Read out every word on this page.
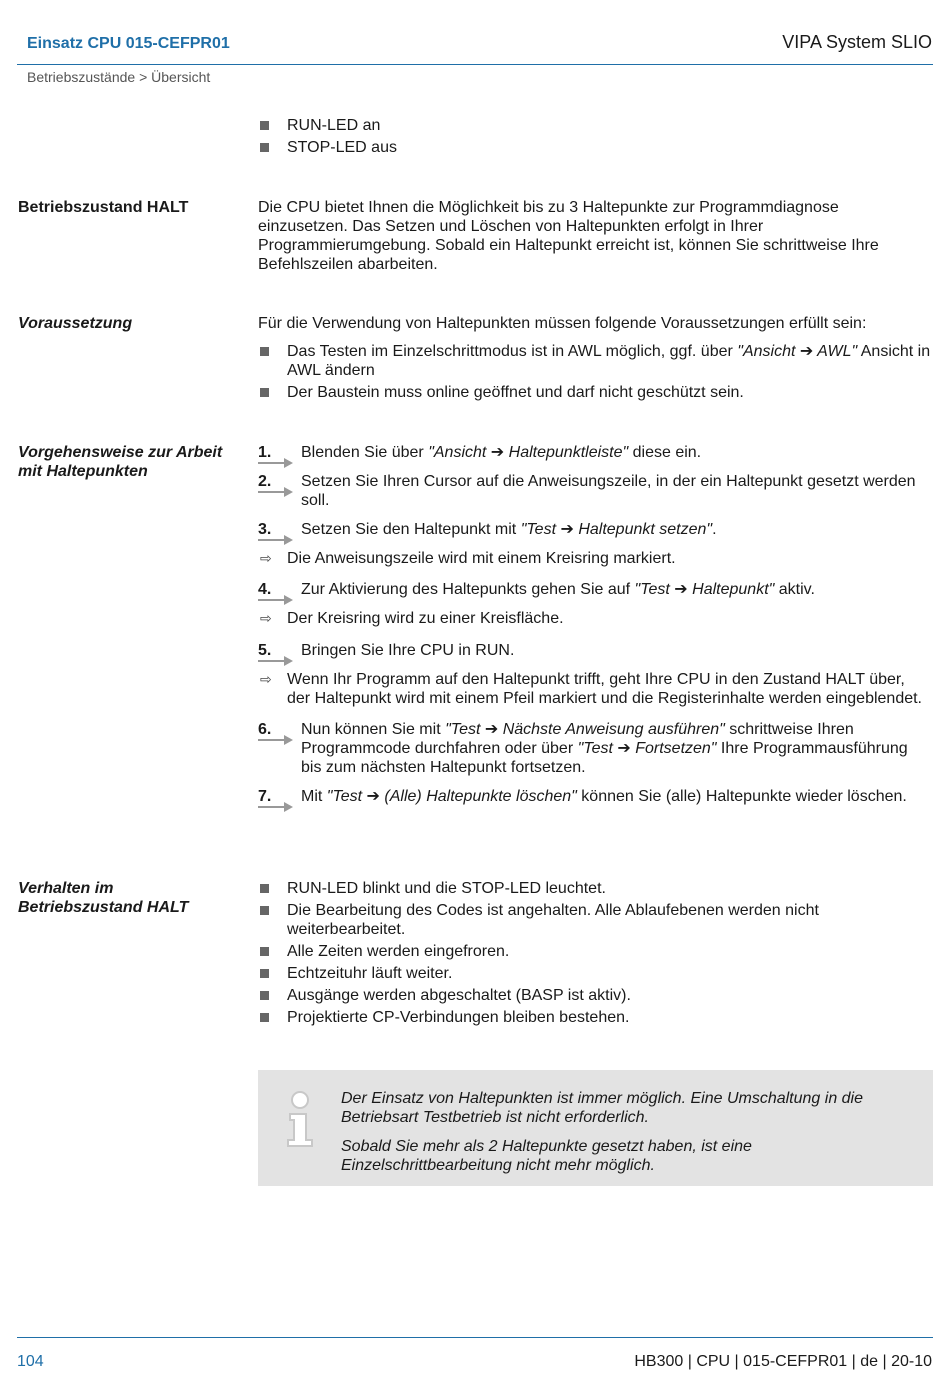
Einsatz CPU 015-CEFPR01	VIPA System SLIO
Betriebszustände > Übersicht
RUN-LED an
STOP-LED aus
Betriebszustand HALT	Die CPU bietet Ihnen die Möglichkeit bis zu 3 Haltepunkte zur Programmdiagnose einzusetzen. Das Setzen und Löschen von Haltepunkten erfolgt in Ihrer Programmierumgebung. Sobald ein Haltepunkt erreicht ist, können Sie schrittweise Ihre Befehlszeilen abarbeiten.

Voraussetzung	Für die Verwendung von Haltepunkten müssen folgende Voraussetzungen erfüllt sein:

Das Testen im Einzelschrittmodus ist in AWL möglich, ggf. über "Ansicht ➔ AWL" Ansicht in AWL ändern
Der Baustein muss online geöffnet und darf nicht geschützt sein.
Vorgehensweise zur Arbeit mit Haltepunkten
1. Blenden Sie über "Ansicht ➔ Haltepunktleiste" diese ein.
2. Setzen Sie Ihren Cursor auf die Anweisungszeile, in der ein Haltepunkt gesetzt werden soll.
3. Setzen Sie den Haltepunkt mit "Test ➔ Haltepunkt setzen".
⇨ Die Anweisungszeile wird mit einem Kreisring markiert.
4. Zur Aktivierung des Haltepunkts gehen Sie auf "Test ➔ Haltepunkt" aktiv.
⇨ Der Kreisring wird zu einer Kreisfläche.
5. Bringen Sie Ihre CPU in RUN.
⇨ Wenn Ihr Programm auf den Haltepunkt trifft, geht Ihre CPU in den Zustand HALT über, der Haltepunkt wird mit einem Pfeil markiert und die Registerinhalte werden eingeblendet.
6. Nun können Sie mit "Test ➔ Nächste Anweisung ausführen" schrittweise Ihren Programmcode durchfahren oder über "Test ➔ Fortsetzen" Ihre Programmausführung bis zum nächsten Haltepunkt fortsetzen.
7. Mit "Test ➔ (Alle) Haltepunkte löschen" können Sie (alle) Haltepunkte wieder löschen.
Verhalten im Betriebszustand HALT
RUN-LED blinkt und die STOP-LED leuchtet.
Die Bearbeitung des Codes ist angehalten. Alle Ablaufebenen werden nicht weiterbearbeitet.
Alle Zeiten werden eingefroren.
Echtzeituhr läuft weiter.
Ausgänge werden abgeschaltet (BASP ist aktiv).
Projektierte CP-Verbindungen bleiben bestehen.

Der Einsatz von Haltepunkten ist immer möglich. Eine Umschaltung in die Betriebsart Testbetrieb ist nicht erforderlich.

Sobald Sie mehr als 2 Haltepunkte gesetzt haben, ist eine Einzelschrittbearbeitung nicht mehr möglich.

104	HB300 | CPU | 015-CEFPR01 | de | 20-10
